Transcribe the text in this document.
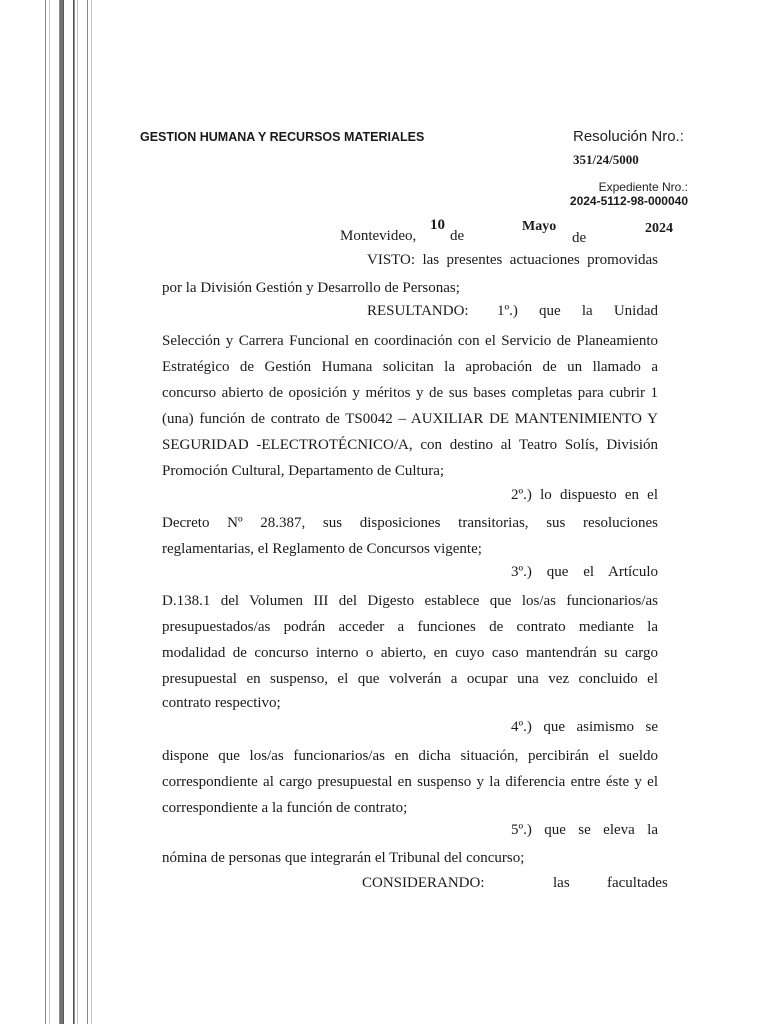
GESTION HUMANA Y RECURSOS MATERIALES	Resolución Nro.:
351/24/5000
Expediente Nro.:
2024-5112-98-000040
Montevideo,
10
de
Mayo
de
2024
VISTO: las presentes actuaciones promovidas
por la División Gestión y Desarrollo de Personas;
RESULTANDO: 1º.) que la Unidad
Selección y Carrera Funcional en coordinación con el Servicio de Planeamiento
Estratégico de Gestión Humana solicitan la aprobación de un llamado a
concurso abierto de oposición y méritos y de sus bases completas para cubrir 1
(una) función de contrato de TS0042 – AUXILIAR DE MANTENIMIENTO Y
SEGURIDAD -ELECTROTÉCNICO/A, con destino al Teatro Solís, División
Promoción Cultural, Departamento de Cultura;
2º.) lo dispuesto en el
Decreto Nº 28.387, sus disposiciones transitorias, sus resoluciones
reglamentarias, el Reglamento de Concursos vigente;
3º.) que el Artículo
D.138.1 del Volumen III del Digesto establece que los/as funcionarios/as
presupuestados/as podrán acceder a funciones de contrato mediante la
modalidad de concurso interno o abierto, en cuyo caso mantendrán su cargo
presupuestal en suspenso, el que volverán a ocupar una vez concluido el
contrato respectivo;
4º.) que asimismo se
dispone que los/as funcionarios/as en dicha situación, percibirán el sueldo
correspondiente al cargo presupuestal en suspenso y la diferencia entre éste y el
correspondiente a la función de contrato;
5º.) que se eleva la
nómina de personas que integrarán el Tribunal del concurso;
CONSIDERANDO:	las facultades
